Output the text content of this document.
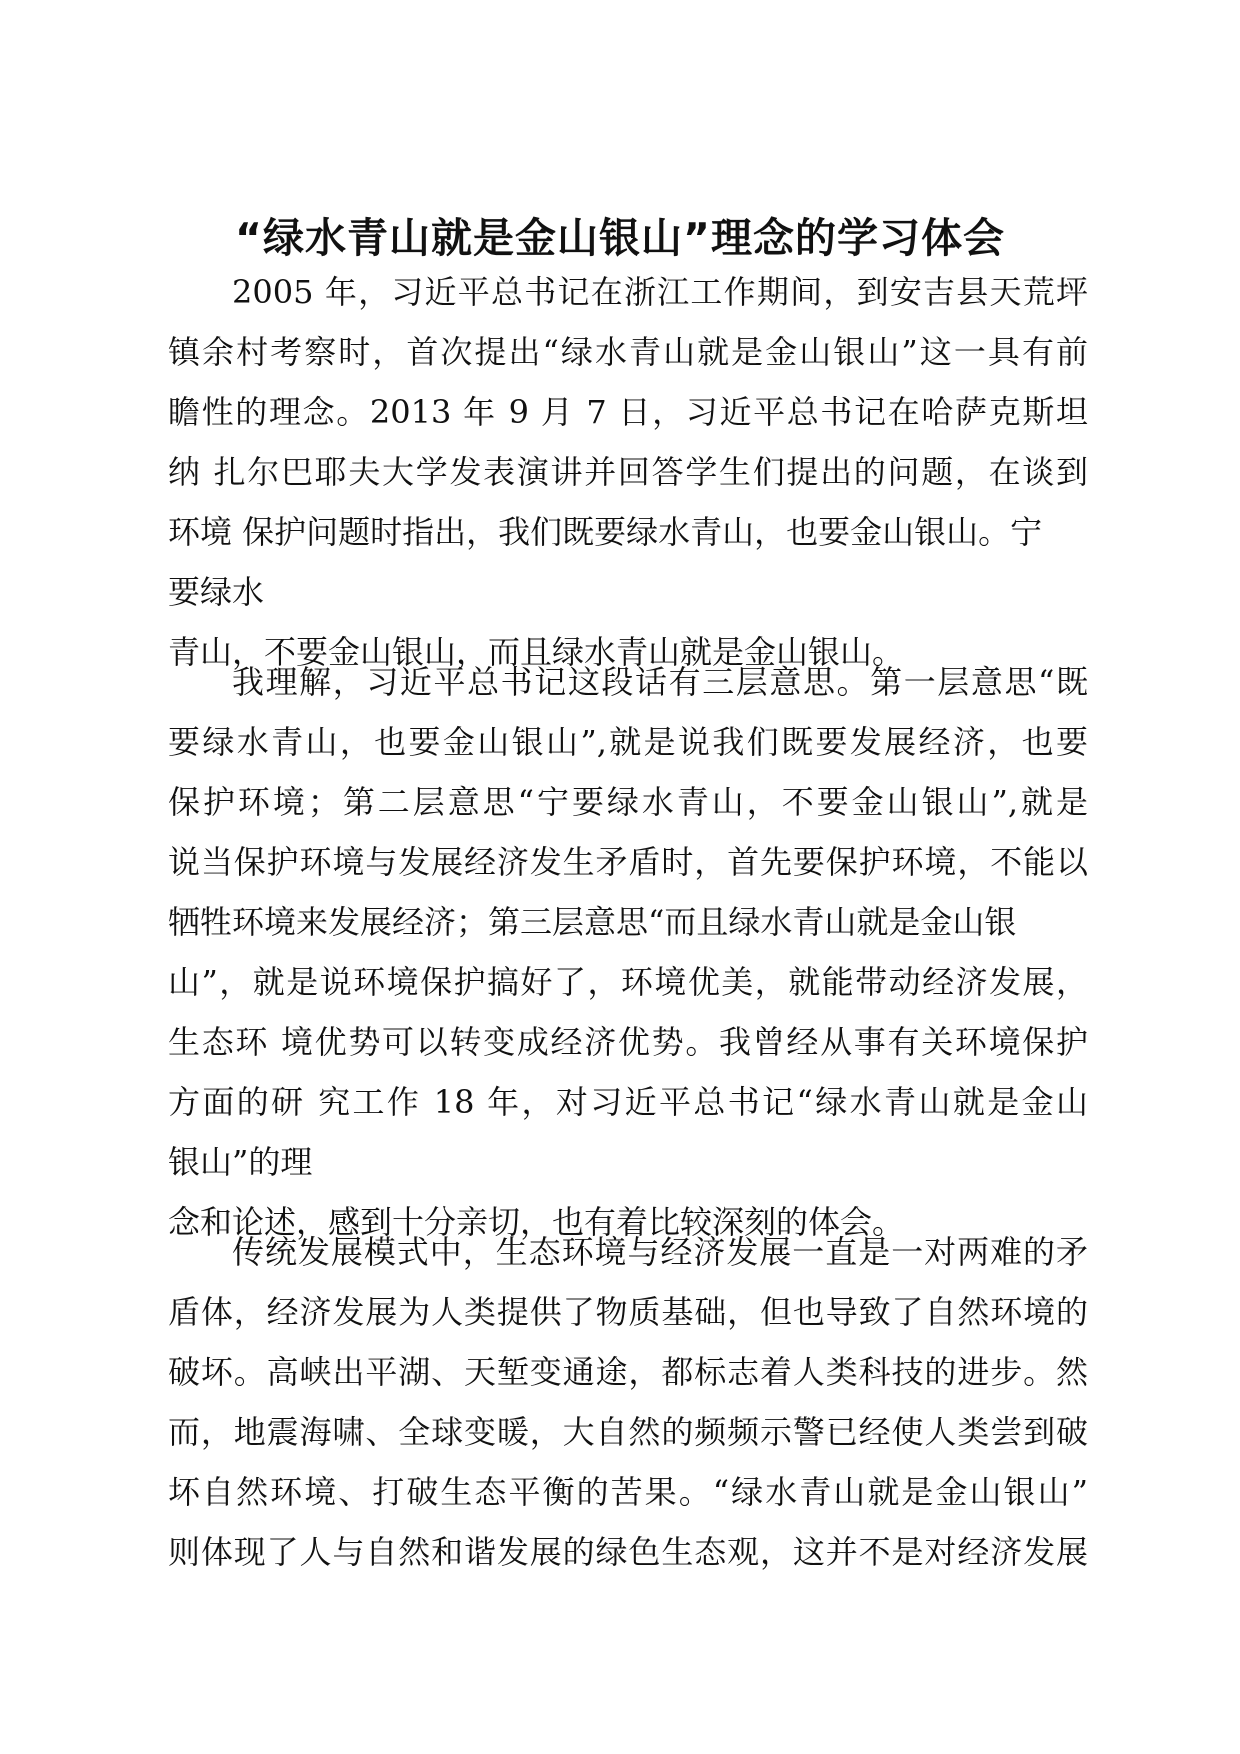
“绿水青山就是金山银山”理念的学习体会
2005 年，习近平总书记在浙江工作期间，到安吉县天荒坪
镇余村考察时，首次提出“绿水青山就是金山银山”这一具有前
瞻性的理念。2013 年 9 月 7 日，习近平总书记在哈萨克斯坦
纳 扎尔巴耶夫大学发表演讲并回答学生们提出的问题，在谈到
环境 保护问题时指出，我们既要绿水青山，也要金山银山。宁
要绿水
青山，不要金山银山，而且绿水青山就是金山银山。
我理解，习近平总书记这段话有三层意思。第一层意思“既
要绿水青山，也要金山银山”,就是说我们既要发展经济，也要
保护环境；第二层意思“宁要绿水青山，不要金山银山”,就是
说当保护环境与发展经济发生矛盾时，首先要保护环境，不能以
牺牲环境来发展经济；第三层意思“而且绿水青山就是金山银
山”，就是说环境保护搞好了，环境优美，就能带动经济发展，
生态环 境优势可以转变成经济优势。我曾经从事有关环境保护
方面的研 究工作 18 年，对习近平总书记“绿水青山就是金山
银山”的理
念和论述，感到十分亲切，也有着比较深刻的体会。
传统发展模式中，生态环境与经济发展一直是一对两难的矛
盾体，经济发展为人类提供了物质基础，但也导致了自然环境的
破坏。高峡出平湖、天堑变通途，都标志着人类科技的进步。然
而，地震海啸、全球变暖，大自然的频频示警已经使人类尝到破
坏自然环境、打破生态平衡的苦果。“绿水青山就是金山银山”
则体现了人与自然和谐发展的绿色生态观，这并不是对经济发展
